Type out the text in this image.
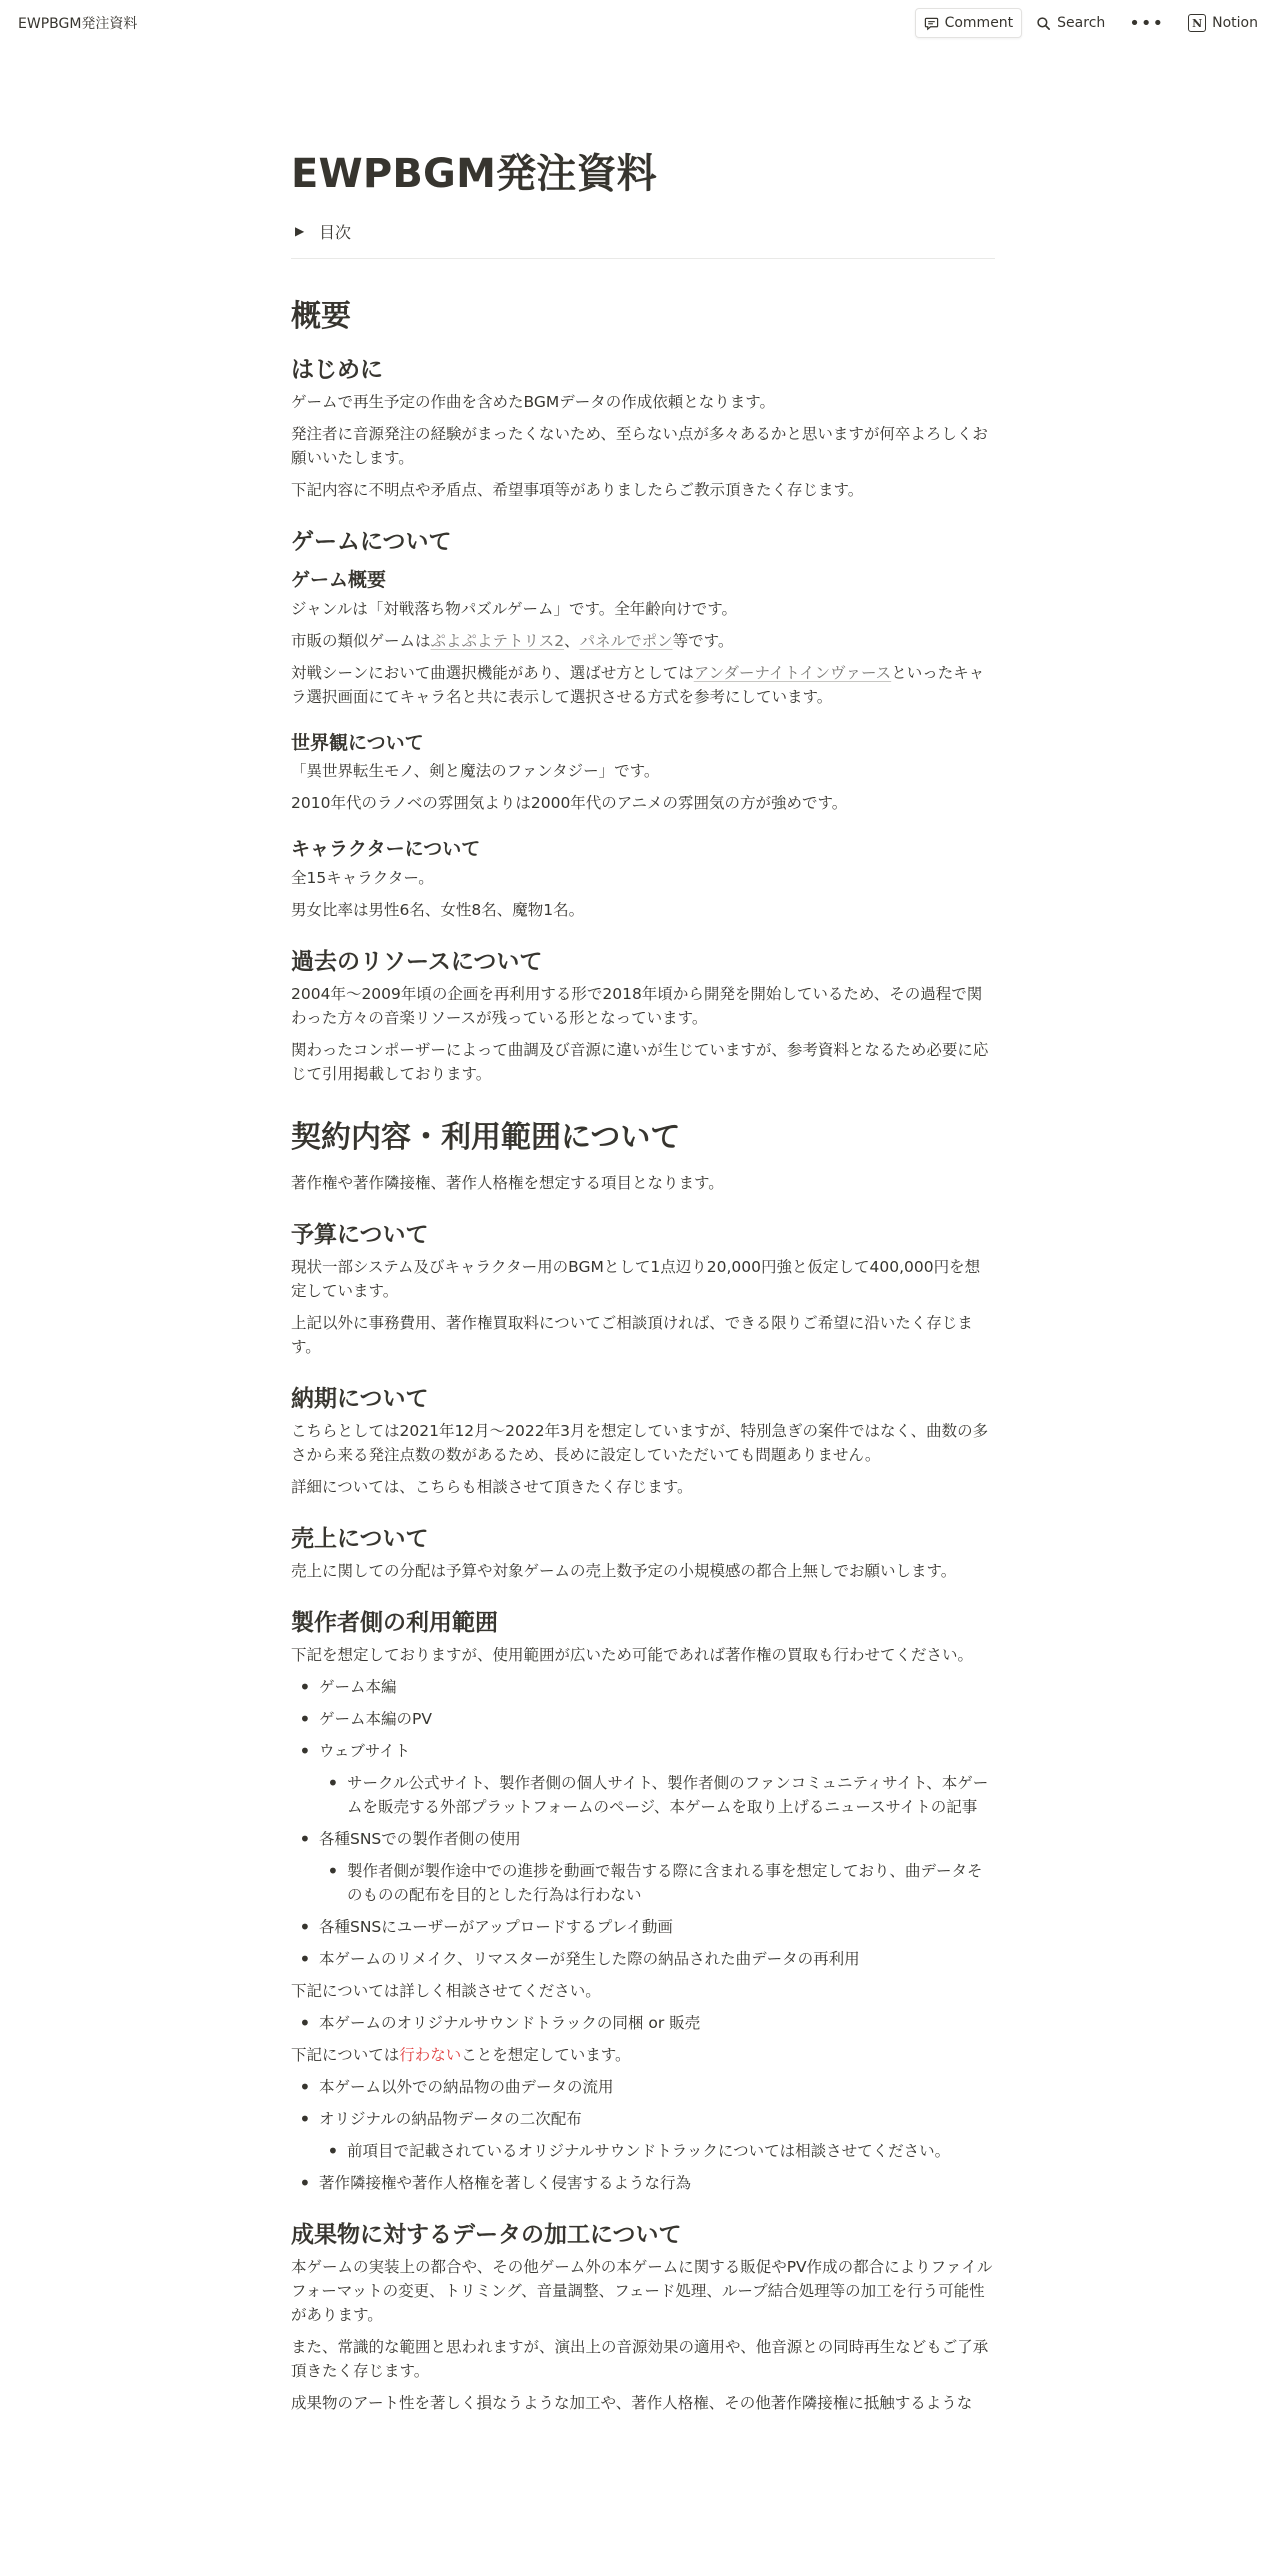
EWPBGM発注資料	Comment	Search •••	N Notion
EWPBGM発注資料
▶ 目次
概要
はじめに

ゲームで再生予定の作曲を含めたBGMデータの作成依頼となります。

発注者に音源発注の経験がまったくないため、至らない点が多々あるかと思いますが何卒よろしくお願いいたします。

下記内容に不明点や矛盾点、希望事項等がありましたらご教示頂きたく存じます。

ゲームについて
ゲーム概要

ジャンルは「対戦落ち物パズルゲーム」です。全年齢向けです。

市販の類似ゲームはぷよぷよテトリス2、パネルでポン等です。

対戦シーンにおいて曲選択機能があり、選ばせ方としてはアンダーナイトインヴァースといったキャラ選択画面にてキャラ名と共に表示して選択させる方式を参考にしています。

世界観について

「異世界転生モノ、剣と魔法のファンタジー」です。

2010年代のラノベの雰囲気よりは2000年代のアニメの雰囲気の方が強めです。

キャラクターについて

全15キャラクター。

男女比率は男性6名、女性8名、魔物1名。

過去のリソースについて

2004年～2009年頃の企画を再利用する形で2018年頃から開発を開始しているため、その過程で関わった方々の音楽リソースが残っている形となっています。

関わったコンポーザーによって曲調及び音源に違いが生じていますが、参考資料となるため必要に応じて引用掲載しております。

契約内容・利用範囲について

著作権や著作隣接権、著作人格権を想定する項目となります。

予算について

現状一部システム及びキャラクター用のBGMとして1点辺り20,000円強と仮定して400,000円を想定しています。

上記以外に事務費用、著作権買取料についてご相談頂ければ、できる限りご希望に沿いたく存じます。

納期について

こちらとしては2021年12月～2022年3月を想定していますが、特別急ぎの案件ではなく、曲数の多さから来る発注点数の数があるため、長めに設定していただいても問題ありません。

詳細については、こちらも相談させて頂きたく存じます。

売上について

売上に関しての分配は予算や対象ゲームの売上数予定の小規模感の都合上無しでお願いします。

製作者側の利用範囲

下記を想定しておりますが、使用範囲が広いため可能であれば著作権の買取も行わせてください。

• ゲーム本編
• ゲーム本編のPV
• ウェブサイト
• サークル公式サイト、製作者側の個人サイト、製作者側のファンコミュニティサイト、本ゲームを販売する外部プラットフォームのページ、本ゲームを取り上げるニュースサイトの記事
• 各種SNSでの製作者側の使用
• 製作者側が製作途中での進捗を動画で報告する際に含まれる事を想定しており、曲データそのものの配布を目的とした行為は行わない
• 各種SNSにユーザーがアップロードするプレイ動画
• 本ゲームのリメイク、リマスターが発生した際の納品された曲データの再利用

下記については詳しく相談させてください。

• 本ゲームのオリジナルサウンドトラックの同梱 or 販売

下記については行わないことを想定しています。

• 本ゲーム以外での納品物の曲データの流用
• オリジナルの納品物データの二次配布
• 前項目で記載されているオリジナルサウンドトラックについては相談させてください。
• 著作隣接権や著作人格権を著しく侵害するような行為
成果物に対するデータの加工について

本ゲームの実装上の都合や、その他ゲーム外の本ゲームに関する販促やPV作成の都合によりファイルフォーマットの変更、トリミング、音量調整、フェード処理、ループ結合処理等の加工を行う可能性があります。

また、常識的な範囲と思われますが、演出上の音源効果の適用や、他音源との同時再生などもご了承頂きたく存じます。

成果物のアート性を著しく損なうような加工や、著作人格権、その他著作隣接権に抵触するような
